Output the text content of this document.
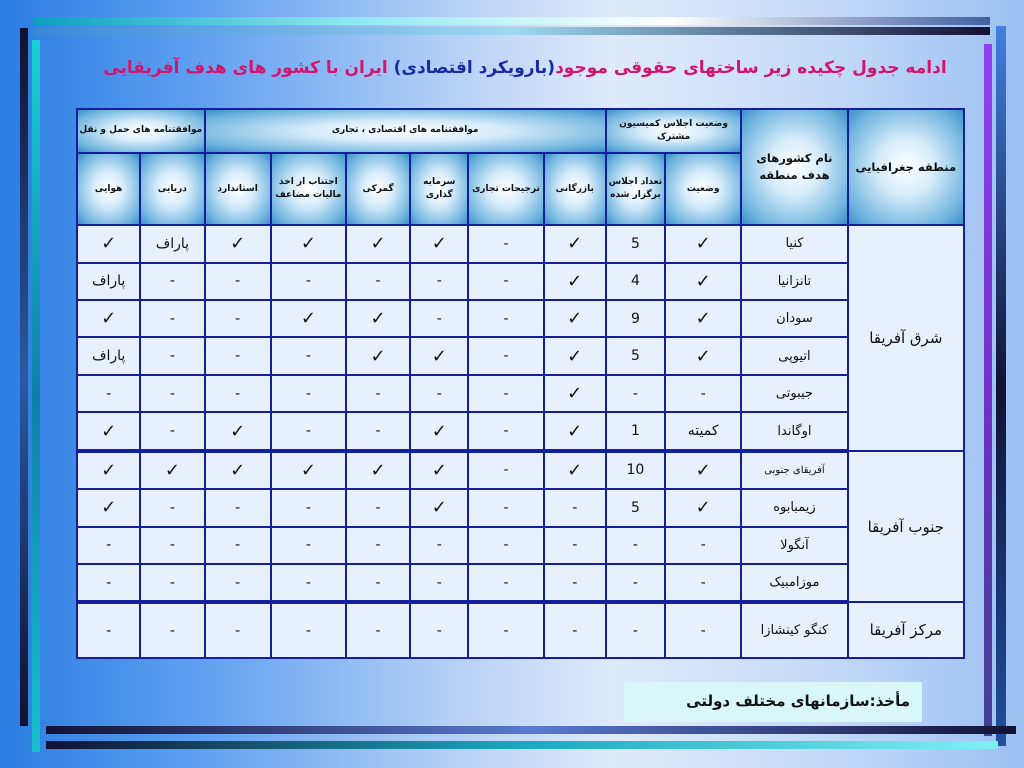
ادامه جدول چکیده زیر ساختهای حقوقی موجود(بارویکرد اقتصادی) ایران با کشور های هدف آفریقایی
منطقه جغرافیایی	نام کشورهای هدف منطقه	وضعیت اجلاس کمیسیون مشترک		موافقتنامه های اقتصادی ، تجاری						موافقتنامه های حمل و نقل	
		وضعیت	تعداد اجلاس برگزار شده	بازرگانی	ترجیحات تجاری	سرمایه گذاری	گمرکی	اجتناب از اخذ مالیات مضاعف	استاندارد	دریایی	هوایی
شرق آفریقا	کنیا	✓	5	✓	-	✓	✓	✓	✓	پاراف	✓
	تانزانیا	✓	4	✓	-	-	-	-	-	-	پاراف
	سودان	✓	9	✓	-	-	✓	✓	-	-	✓
	اتیوپی	✓	5	✓	-	✓	✓	-	-	-	پاراف
	جیبوتی	-	-	✓	-	-	-	-	-	-	-
	اوگاندا	کمیته	1	✓	-	✓	-	-	✓	-	✓
جنوب آفریقا	آفریقای جنوبی	✓	10	✓	-	✓	✓	✓	✓	✓	✓
	زیمبابوه	✓	5	-	-	✓	-	-	-	-	✓
	آنگولا	-	-	-	-	-	-	-	-	-	-
	موزامبیک	-	-	-	-	-	-	-	-	-	-
مرکز آفریقا	کنگو کینشازا	-	-	-	-	-	-	-	-	-	-
مأخذ:سازمانهای مختلف دولتی
